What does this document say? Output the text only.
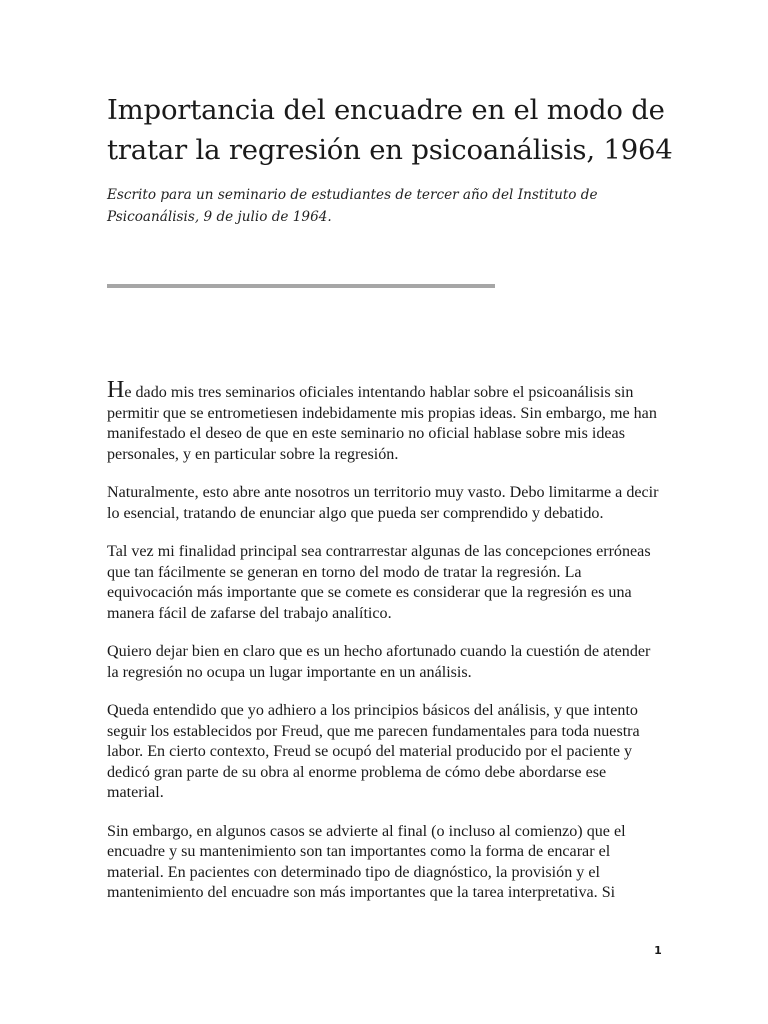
Importancia del encuadre en el modo de tratar la regresión en psicoanálisis, 1964

Escrito para un seminario de estudiantes de tercer año del Instituto de Psicoanálisis, 9 de julio de 1964.

He dado mis tres seminarios oficiales intentando hablar sobre el psicoanálisis sin permitir que se entrometiesen indebidamente mis propias ideas. Sin embargo, me han manifestado el deseo de que en este seminario no oficial hablase sobre mis ideas personales, y en particular sobre la regresión.

Naturalmente, esto abre ante nosotros un territorio muy vasto. Debo limitarme a decir lo esencial, tratando de enunciar algo que pueda ser comprendido y debatido.

Tal vez mi finalidad principal sea contrarrestar algunas de las concepciones erróneas que tan fácilmente se generan en torno del modo de tratar la regresión. La equivocación más importante que se comete es considerar que la regresión es una manera fácil de zafarse del trabajo analítico.

Quiero dejar bien en claro que es un hecho afortunado cuando la cuestión de atender la regresión no ocupa un lugar importante en un análisis.

Queda entendido que yo adhiero a los principios básicos del análisis, y que intento seguir los establecidos por Freud, que me parecen fundamentales para toda nuestra labor. En cierto contexto, Freud se ocupó del material producido por el paciente y dedicó gran parte de su obra al enorme problema de cómo debe abordarse ese material.

Sin embargo, en algunos casos se advierte al final (o incluso al comienzo) que el encuadre y su mantenimiento son tan importantes como la forma de encarar el material. En pacientes con determinado tipo de diagnóstico, la provisión y el mantenimiento del encuadre son más importantes que la tarea interpretativa. Si

1
